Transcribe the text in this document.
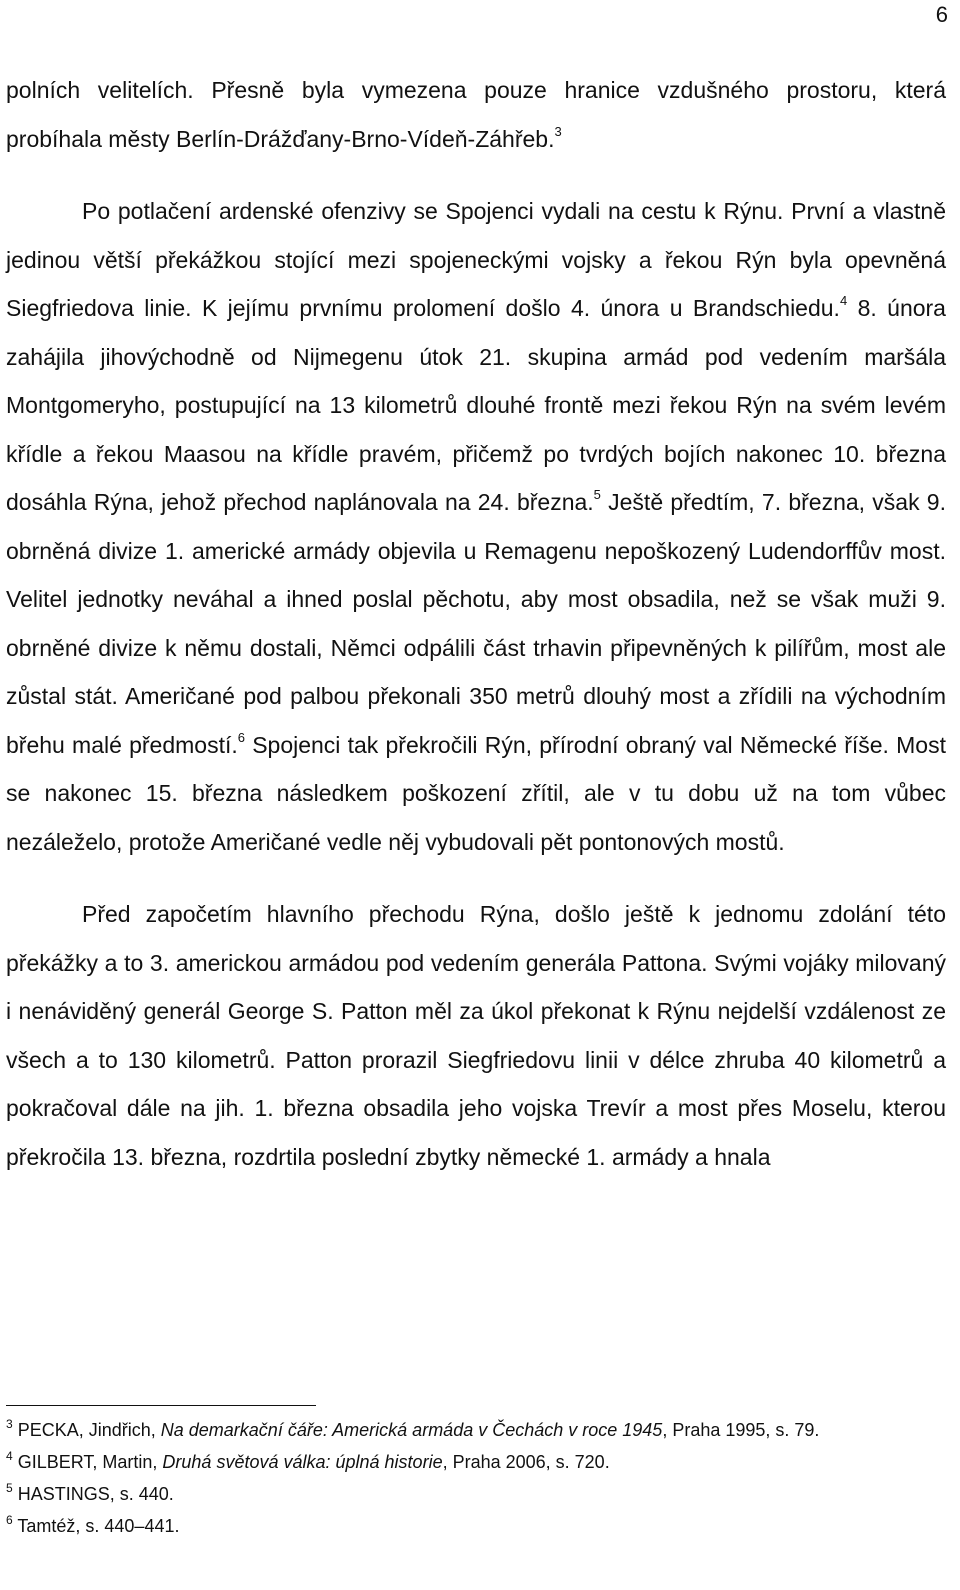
6

polních velitelích. Přesně byla vymezena pouze hranice vzdušného prostoru, která probíhala městy Berlín-Drážďany-Brno-Vídeň-Záhřeb.$^3$

Po potlačení ardenské ofenzivy se Spojenci vydali na cestu k Rýnu. První a vlastně jedinou větší překážkou stojící mezi spojeneckými vojsky a řekou Rýn byla opevněná Siegfriedova linie. K jejímu prvnímu prolomení došlo 4. února u Brandschiedu.$^4$ 8. února zahájila jihovýchodně od Nijmegenu útok 21. skupina armád pod vedením maršála Montgomeryho, postupující na 13 kilometrů dlouhé frontě mezi řekou Rýn na svém levém křídle a řekou Maasou na křídle pravém, přičemž po tvrdých bojích nakonec 10. března dosáhla Rýna, jehož přechod naplánovala na 24. března.$^5$ Ještě předtím, 7. března, však 9. obrněná divize 1. americké armády objevila u Remagenu nepoškozený Ludendorffův most. Velitel jednotky neváhal a ihned poslal pěchotu, aby most obsadila, než se však muži 9. obrněné divize k němu dostali, Němci odpálili část trhavin připevněných k pilířům, most ale zůstal stát. Američané pod palbou překonali 350 metrů dlouhý most a zřídili na východním břehu malé předmostí.$^6$ Spojenci tak překročili Rýn, přírodní obraný val Německé říše. Most se nakonec 15. března následkem poškození zřítil, ale v tu dobu už na tom vůbec nezáleželo, protože Američané vedle něj vybudovali pět pontonových mostů.

Před započetím hlavního přechodu Rýna, došlo ještě k jednomu zdolání této překážky a to 3. americkou armádou pod vedením generála Pattona. Svými vojáky milovaný i nenáviděný generál George S. Patton měl za úkol překonat k Rýnu nejdelší vzdálenost ze všech a to 130 kilometrů. Patton prorazil Siegfriedovu linii v délce zhruba 40 kilometrů a pokračoval dále na jih. 1. března obsadila jeho vojska Trevír a most přes Moselu, kterou překročila 13. března, rozdrtila poslední zbytky německé 1. armády a hnala

$^3$ PECKA, Jindřich, Na demarkační čáře: Americká armáda v Čechách v roce 1945, Praha 1995, s. 79.

$^4$ GILBERT, Martin, Druhá světová válka: úplná historie, Praha 2006, s. 720.

$^5$ HASTINGS, s. 440.

$^6$ Tamtéž, s. 440–441.
